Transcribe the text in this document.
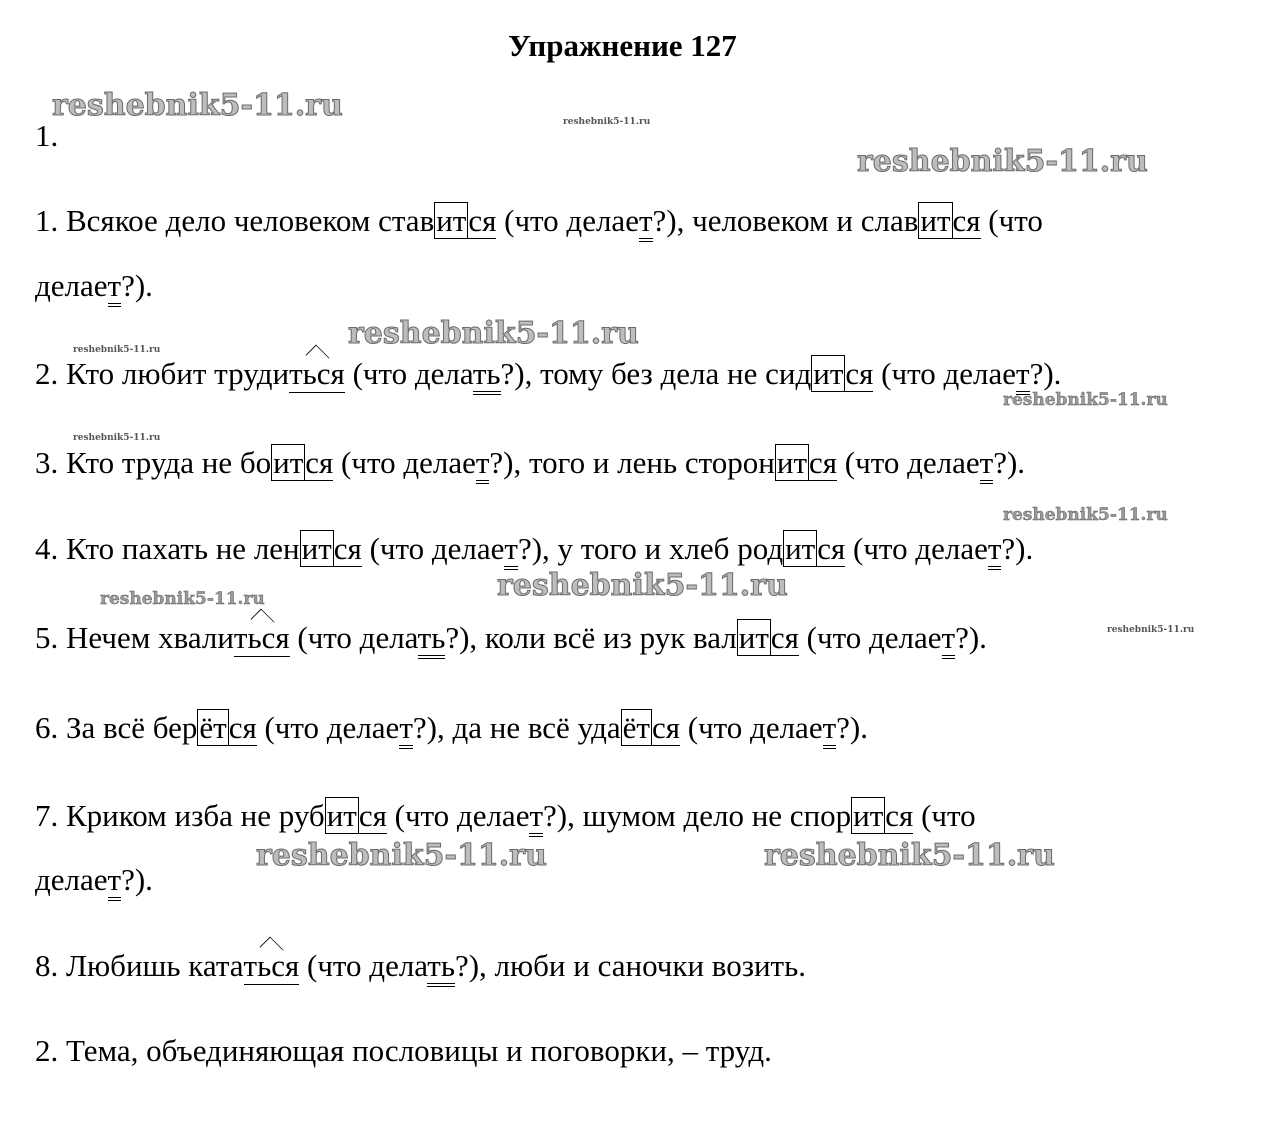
Упражнение 127
1.
1. Всякое дело человеком ставится (что делает?), человеком и славится (что
делает?).
2. Кто любит трудиться (что делать?), тому без дела не сидится (что делает?).
3. Кто труда не боится (что делает?), того и лень сторонится (что делает?).
4. Кто пахать не ленится (что делает?), у того и хлеб родится (что делает?).
5. Нечем хвалиться (что делать?), коли всё из рук валится (что делает?).
6. За всё берётся (что делает?), да не всё удаётся (что делает?).
7. Криком изба не рубится (что делает?), шумом дело не спорится (что
делает?).
8. Любишь кататься (что делать?), люби и саночки возить.
2. Тема, объединяющая пословицы и поговорки, – труд.
reshebnik5-11.ru	reshebnik5-11.ru
reshebnik5-11.ru
reshebnik5-11.ru	reshebnik5-11.ru
reshebnik5-11.ru
reshebnik5-11.ru
reshebnik5-11.ru
reshebnik5-11.ru
reshebnik5-11.ru
reshebnik5-11.ru
reshebnik5-11.ru	reshebnik5-11.ru
